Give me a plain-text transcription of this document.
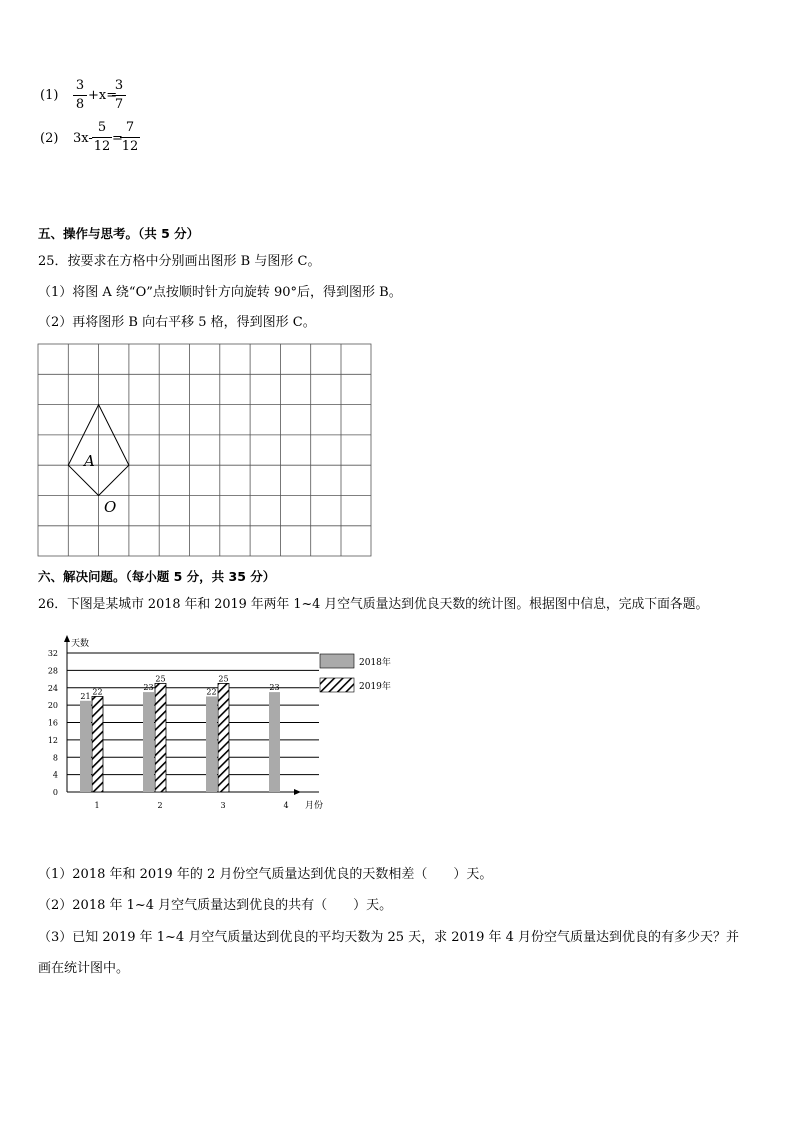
(1)
3
8
+x=
3
7
(2) 3x-
5
12
=
7
12
五、操作与思考。（共 5 分）
25．按要求在方格中分别画出图形 B 与图形 C。
（1）将图 A 绕“O”点按顺时针方向旋转 90°后，得到图形 B。
（2）再将图形 B 向右平移 5 格，得到图形 C。
A
O
六、解决问题。（每小题 5 分，共 35 分）
26．下图是某城市 2018 年和 2019 年两年 1~4 月空气质量达到优良天数的统计图。根据图中信息，完成下面各题。
0
4
8
12
16
20
24
28
32
天数
月份
1
21 22
2
23
25
3
22
25
4
23
2018年
2019年
（1）2018 年和 2019 年的 2 月份空气质量达到优良的天数相差（　　）天。
（2）2018 年 1~4 月空气质量达到优良的共有（　　）天。
（3）已知 2019 年 1~4 月空气质量达到优良的平均天数为 25 天，求 2019 年 4 月份空气质量达到优良的有多少天？并
画在统计图中。
